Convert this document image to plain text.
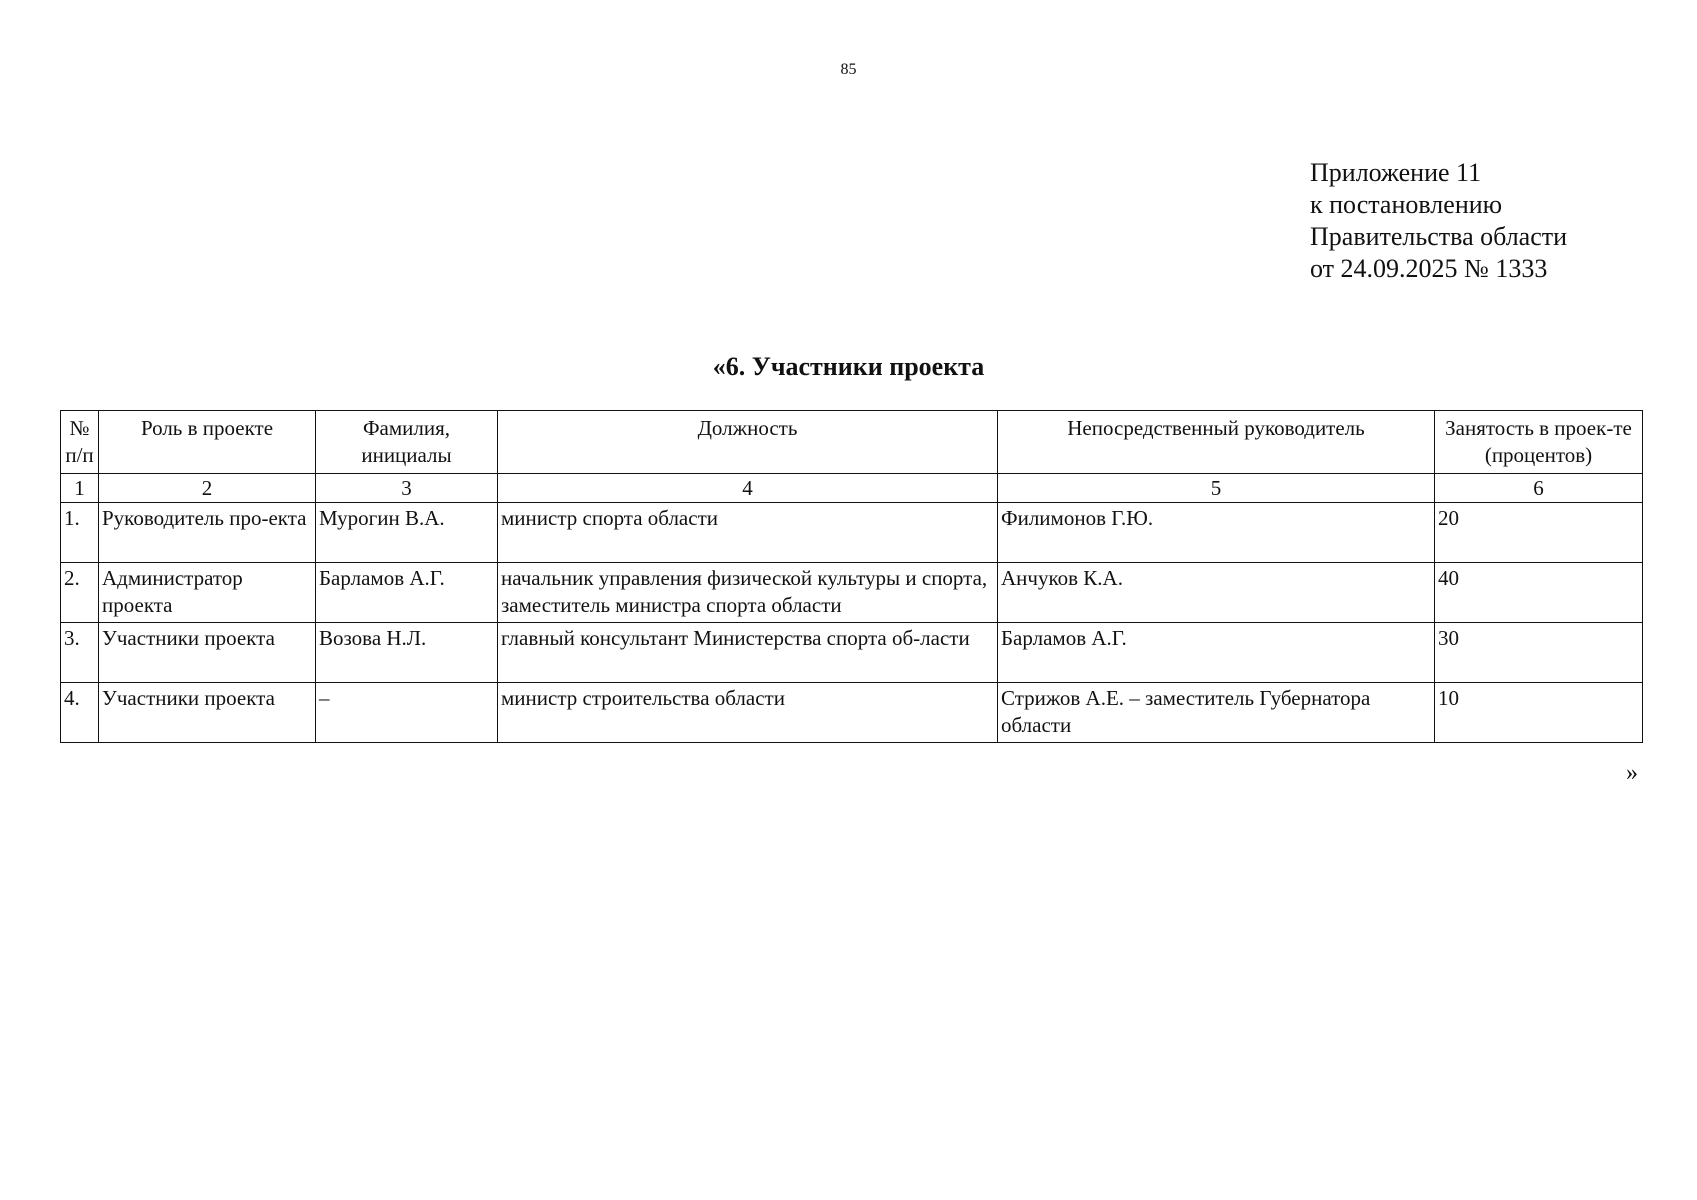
85
Приложение 11
к постановлению
Правительства области
от 24.09.2025 № 1333
«6. Участники проекта
№ п/п	Роль в проекте	Фамилия, инициалы	Должность	Непосредственный руководитель	Занятость в проек-те (процентов)
1	2	3	4	5	6
1.	Руководитель про-екта	Мурогин В.А.	министр спорта области	Филимонов Г.Ю.	20
2.	Администратор проекта	Барламов А.Г.	начальник управления физической культуры и спорта, заместитель министра спорта области	Анчуков К.А.	40
3.	Участники проекта	Возова Н.Л.	главный консультант Министерства спорта об-ласти	Барламов А.Г.	30
4.	Участники проекта	–	министр строительства области	Стрижов А.Е. – заместитель Губернатора области	10
»
